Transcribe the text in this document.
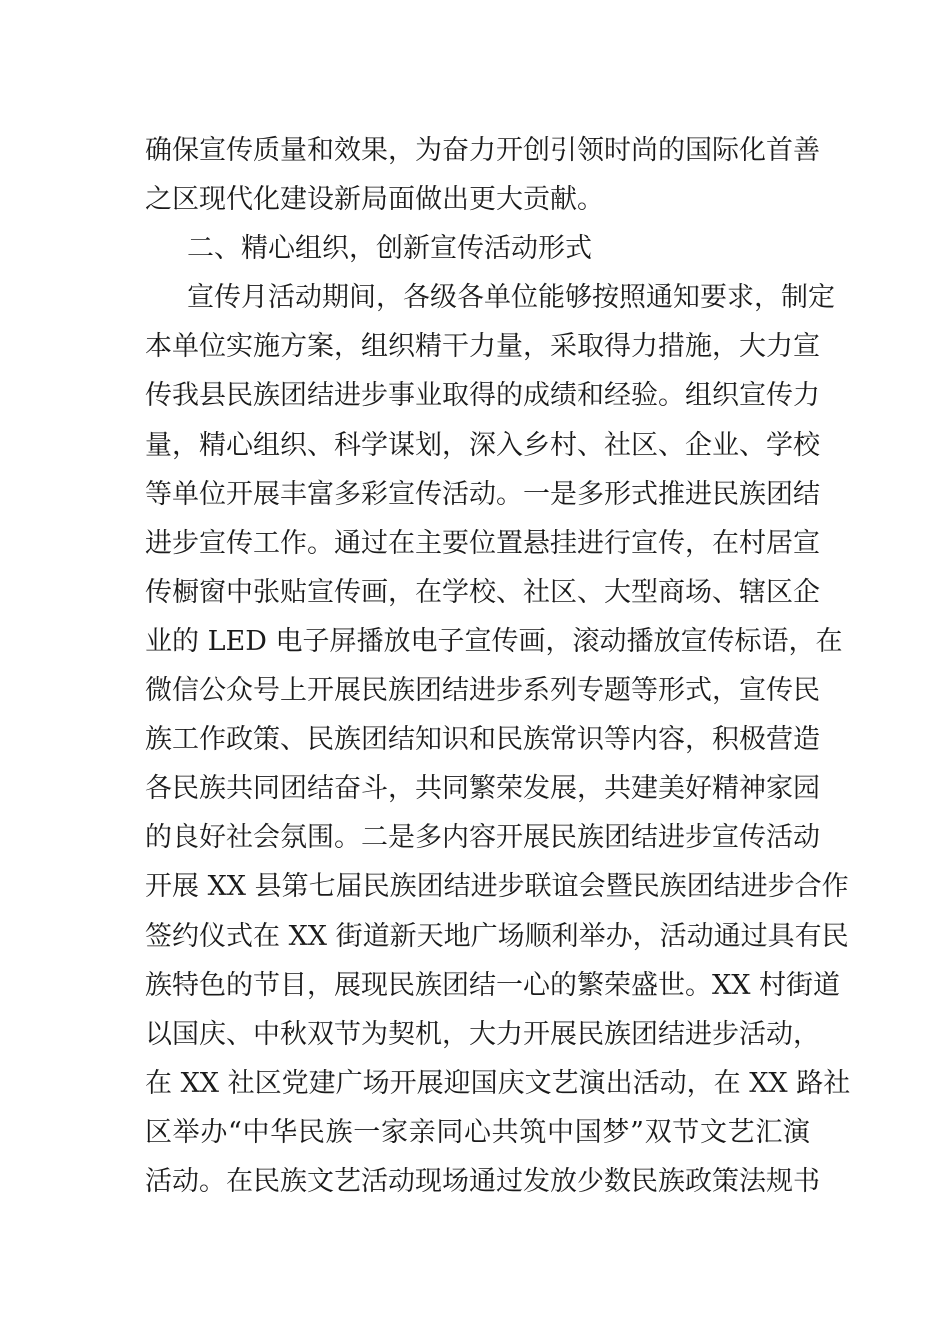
确保宣传质量和效果，为奋力开创引领时尚的国际化首善
之区现代化建设新局面做出更大贡献。
二、精心组织，创新宣传活动形式
宣传月活动期间，各级各单位能够按照通知要求，制定
本单位实施方案，组织精干力量，采取得力措施，大力宣
传我县民族团结进步事业取得的成绩和经验。组织宣传力
量，精心组织、科学谋划，深入乡村、社区、企业、学校
等单位开展丰富多彩宣传活动。一是多形式推进民族团结
进步宣传工作。通过在主要位置悬挂进行宣传，在村居宣
传橱窗中张贴宣传画，在学校、社区、大型商场、辖区企
业的 LED 电子屏播放电子宣传画，滚动播放宣传标语，在
微信公众号上开展民族团结进步系列专题等形式，宣传民
族工作政策、民族团结知识和民族常识等内容，积极营造
各民族共同团结奋斗，共同繁荣发展，共建美好精神家园
的良好社会氛围。二是多内容开展民族团结进步宣传活动
开展 XX 县第七届民族团结进步联谊会暨民族团结进步合作
签约仪式在 XX 街道新天地广场顺利举办，活动通过具有民
族特色的节目，展现民族团结一心的繁荣盛世。XX 村街道
以国庆、中秋双节为契机，大力开展民族团结进步活动，
在 XX 社区党建广场开展迎国庆文艺演出活动，在 XX 路社
区举办“中华民族一家亲同心共筑中国梦”双节文艺汇演
活动。在民族文艺活动现场通过发放少数民族政策法规书
